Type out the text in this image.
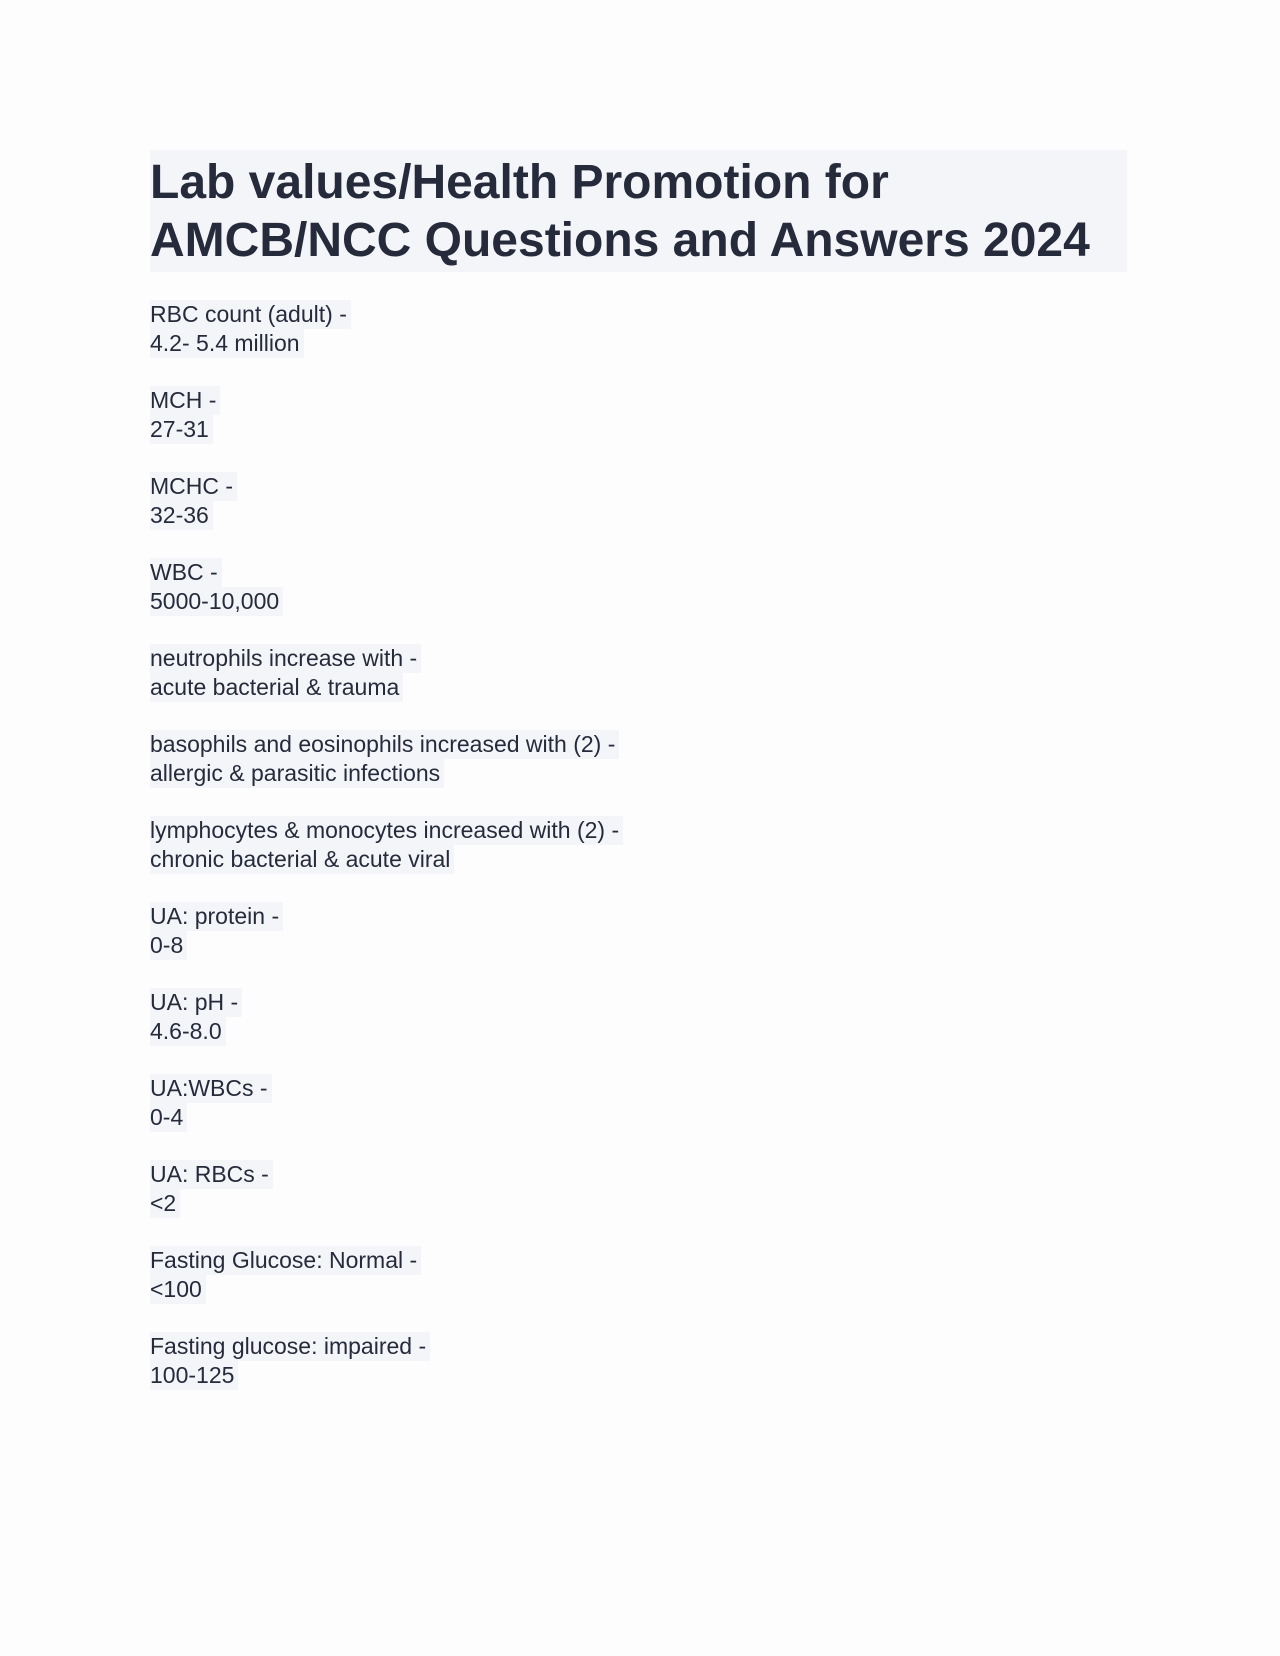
Lab values/Health Promotion for AMCB/NCC Questions and Answers 2024
RBC count (adult) -
4.2- 5.4 million
MCH -
27-31
MCHC -
32-36
WBC -
5000-10,000
neutrophils increase with -
acute bacterial & trauma
basophils and eosinophils increased with (2) -
allergic & parasitic infections
lymphocytes & monocytes increased with (2) -
chronic bacterial & acute viral
UA: protein -
0-8
UA: pH -
4.6-8.0
UA:WBCs -
0-4
UA: RBCs -
<2
Fasting Glucose: Normal -
<100
Fasting glucose: impaired -
100-125
